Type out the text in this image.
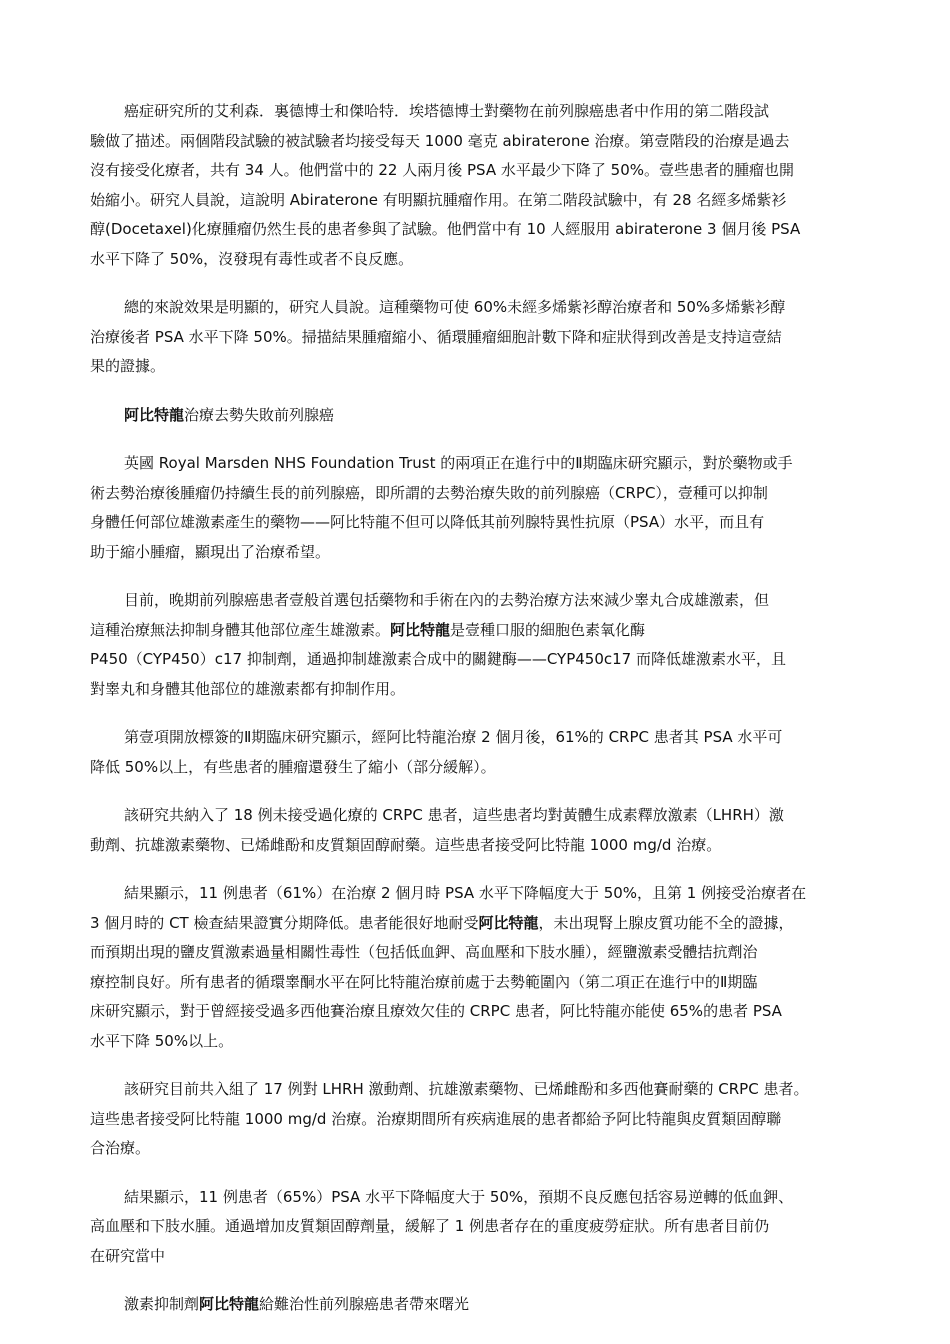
癌症研究所的艾利森．裏德博士和傑哈特．埃塔德博士對藥物在前列腺癌患者中作用的第二階段試
驗做了描述。兩個階段試驗的被試驗者均接受每天 1000 毫克 abiraterone 治療。第壹階段的治療是過去
沒有接受化療者，共有 34 人。他們當中的 22 人兩月後 PSA 水平最少下降了 50%。壹些患者的腫瘤也開
始縮小。研究人員說，這說明 Abiraterone 有明顯抗腫瘤作用。在第二階段試驗中，有 28 名經多烯紫衫
醇(Docetaxel)化療腫瘤仍然生長的患者參與了試驗。他們當中有 10 人經服用 abiraterone 3 個月後 PSA
水平下降了 50%，沒發現有毒性或者不良反應。

總的來說效果是明顯的，研究人員說。這種藥物可使 60%未經多烯紫衫醇治療者和 50%多烯紫衫醇
治療後者 PSA 水平下降 50%。掃描結果腫瘤縮小、循環腫瘤細胞計數下降和症狀得到改善是支持這壹結
果的證據。

阿比特龍治療去勢失敗前列腺癌

英國 Royal Marsden NHS Foundation Trust 的兩項正在進行中的Ⅱ期臨床研究顯示，對於藥物或手
術去勢治療後腫瘤仍持續生長的前列腺癌，即所謂的去勢治療失敗的前列腺癌（CRPC），壹種可以抑制
身體任何部位雄激素產生的藥物——阿比特龍不但可以降低其前列腺特異性抗原（PSA）水平，而且有
助于縮小腫瘤，顯現出了治療希望。

目前，晚期前列腺癌患者壹般首選包括藥物和手術在內的去勢治療方法來減少睾丸合成雄激素，但
這種治療無法抑制身體其他部位產生雄激素。阿比特龍是壹種口服的細胞色素氧化酶
P450（CYP450）c17 抑制劑，通過抑制雄激素合成中的關鍵酶——CYP450c17 而降低雄激素水平，且
對睾丸和身體其他部位的雄激素都有抑制作用。

第壹項開放標簽的Ⅱ期臨床研究顯示，經阿比特龍治療 2 個月後，61%的 CRPC 患者其 PSA 水平可
降低 50%以上，有些患者的腫瘤還發生了縮小（部分緩解）。

該研究共納入了 18 例未接受過化療的 CRPC 患者，這些患者均對黃體生成素釋放激素（LHRH）激
動劑、抗雄激素藥物、已烯雌酚和皮質類固醇耐藥。這些患者接受阿比特龍 1000 mg/d 治療。

結果顯示，11 例患者（61%）在治療 2 個月時 PSA 水平下降幅度大于 50%，且第 1 例接受治療者在
3 個月時的 CT 檢查結果證實分期降低。患者能很好地耐受阿比特龍，未出現腎上腺皮質功能不全的證據，
而預期出現的鹽皮質激素過量相關性毒性（包括低血鉀、高血壓和下肢水腫），經鹽激素受體拮抗劑治
療控制良好。所有患者的循環睾酮水平在阿比特龍治療前處于去勢範圍內（第二項正在進行中的Ⅱ期臨
床研究顯示，對于曾經接受過多西他賽治療且療效欠佳的 CRPC 患者，阿比特龍亦能使 65%的患者 PSA
水平下降 50%以上。

該研究目前共入組了 17 例對 LHRH 激動劑、抗雄激素藥物、已烯雌酚和多西他賽耐藥的 CRPC 患者。
這些患者接受阿比特龍 1000 mg/d 治療。治療期間所有疾病進展的患者都給予阿比特龍與皮質類固醇聯
合治療。

結果顯示，11 例患者（65%）PSA 水平下降幅度大于 50%，預期不良反應包括容易逆轉的低血鉀、
高血壓和下肢水腫。通過增加皮質類固醇劑量，緩解了 1 例患者存在的重度疲勞症狀。所有患者目前仍
在研究當中

激素抑制劑阿比特龍給難治性前列腺癌患者帶來曙光
